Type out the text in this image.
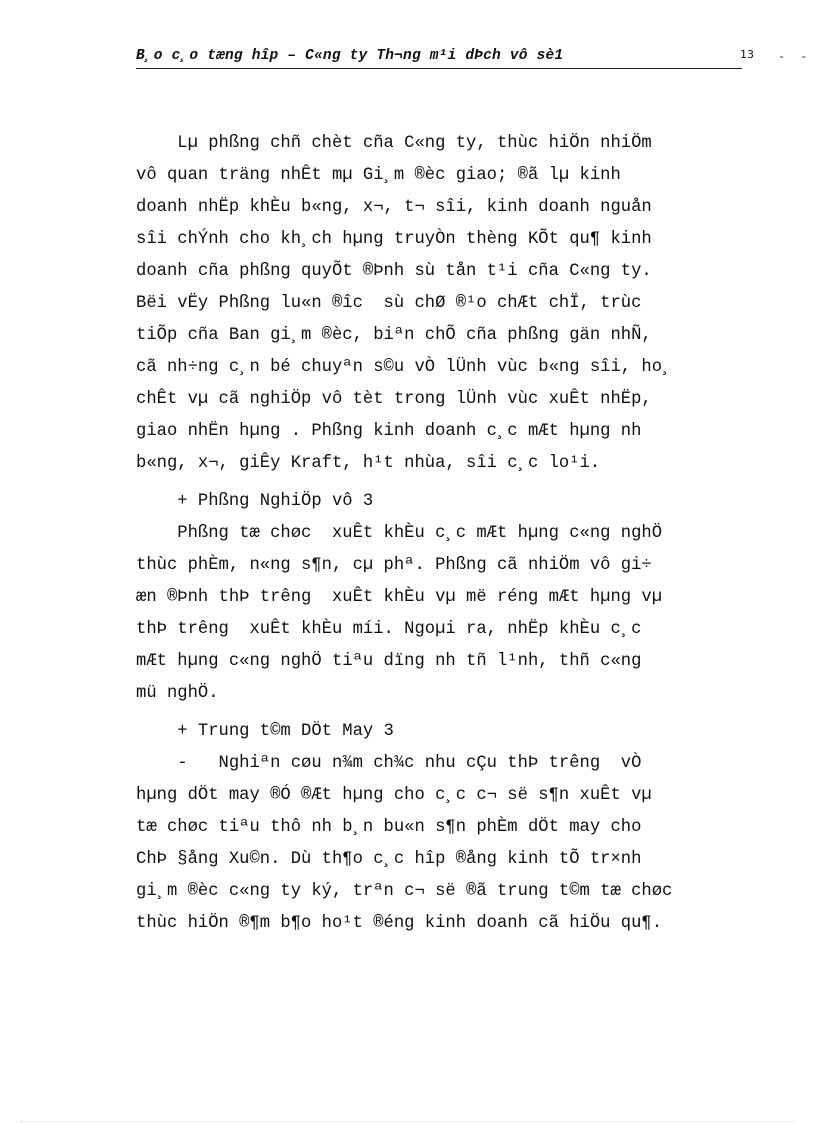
B¸o c¸o tæng hîp – C«ng ty Th¬ng m¹i dÞch vô sè1	13 - -
Lµ phßng chñ chèt cña C«ng ty, thùc hiÖn nhiÖm
vô quan träng nhÊt mµ Gi¸m ®èc giao; ®ã lµ kinh
doanh nhËp khÈu b«ng, x¬, t¬ sîi, kinh doanh nguån
sîi chÝnh cho kh¸ch hµng truyÒn thèng KÕt qu¶ kinh
doanh cña phßng quyÕt ®Þnh sù tån t¹i cña C«ng ty.
Bëi vËy Phßng lu«n ®îc  sù chØ ®¹o chÆt chÏ, trùc
tiÕp cña Ban gi¸m ®èc, biªn chÕ cña phßng gän nhÑ,
cã nh÷ng c¸n bé chuyªn s©u vÒ lÜnh vùc b«ng sîi, ho¸
chÊt vµ cã nghiÖp vô tèt trong lÜnh vùc xuÊt nhËp,
giao nhËn hµng . Phßng kinh doanh c¸c mÆt hµng nh
b«ng, x¬, giÊy Kraft, h¹t nhùa, sîi c¸c lo¹i.
+ Phßng NghiÖp vô 3
Phßng tæ chøc  xuÊt khÈu c¸c mÆt hµng c«ng nghÖ
thùc phÈm, n«ng s¶n, cµ phª. Phßng cã nhiÖm vô gi÷
æn ®Þnh thÞ trêng  xuÊt khÈu vµ më réng mÆt hµng vµ
thÞ trêng  xuÊt khÈu míi. Ngoµi ra, nhËp khÈu c¸c
mÆt hµng c«ng nghÖ tiªu dïng nh tñ l¹nh, thñ c«ng
mü nghÖ.
+ Trung t©m DÖt May 3
-   Nghiªn cøu n¾m ch¾c nhu cÇu thÞ trêng  vÒ
hµng dÖt may ®Ó ®Æt hµng cho c¸c c¬ së s¶n xuÊt vµ
tæ chøc tiªu thô nh b¸n bu«n s¶n phÈm dÖt may cho
ChÞ §ång Xu©n. Dù th¶o c¸c hîp ®ång kinh tÕ tr×nh
gi¸m ®èc c«ng ty ký, trªn c¬ së ®ã trung t©m tæ chøc
thùc hiÖn ®¶m b¶o ho¹t ®éng kinh doanh cã hiÖu qu¶.
